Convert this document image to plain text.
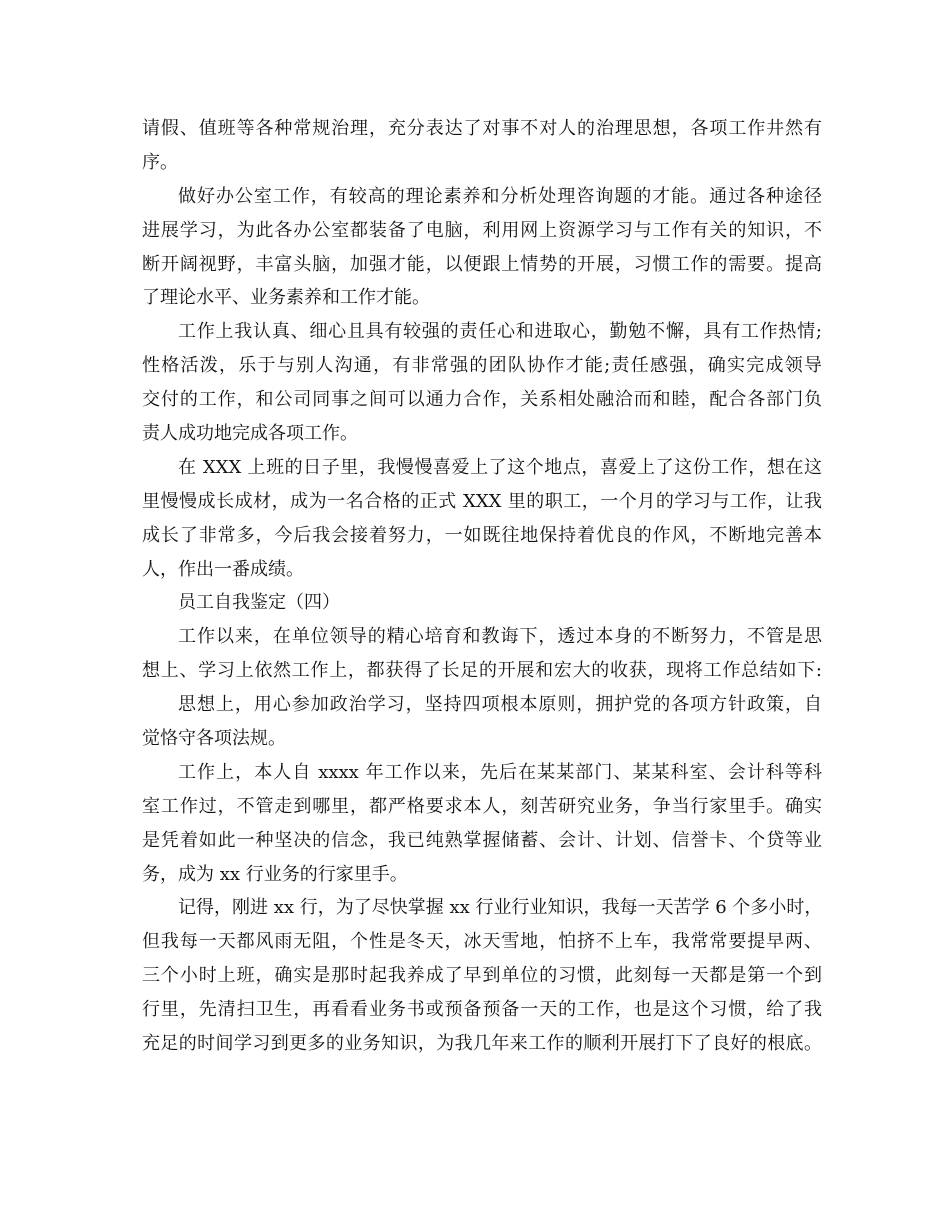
请假、值班等各种常规治理，充分表达了对事不对人的治理思想，各项工作井然有
序。
做好办公室工作，有较高的理论素养和分析处理咨询题的才能。通过各种途径
进展学习，为此各办公室都装备了电脑，利用网上资源学习与工作有关的知识，不
断开阔视野，丰富头脑，加强才能，以便跟上情势的开展，习惯工作的需要。提高
了理论水平、业务素养和工作才能。
工作上我认真、细心且具有较强的责任心和进取心，勤勉不懈，具有工作热情;
性格活泼，乐于与别人沟通，有非常强的团队协作才能;责任感强，确实完成领导
交付的工作，和公司同事之间可以通力合作，关系相处融洽而和睦，配合各部门负
责人成功地完成各项工作。
在 XXX 上班的日子里，我慢慢喜爱上了这个地点，喜爱上了这份工作，想在这
里慢慢成长成材，成为一名合格的正式 XXX 里的职工，一个月的学习与工作，让我
成长了非常多，今后我会接着努力，一如既往地保持着优良的作风，不断地完善本
人，作出一番成绩。
员工自我鉴定（四）
工作以来，在单位领导的精心培育和教诲下，透过本身的不断努力，不管是思
想上、学习上依然工作上，都获得了长足的开展和宏大的收获，现将工作总结如下:
思想上，用心参加政治学习，坚持四项根本原则，拥护党的各项方针政策，自
觉恪守各项法规。
工作上，本人自 xxxx 年工作以来，先后在某某部门、某某科室、会计科等科
室工作过，不管走到哪里，都严格要求本人，刻苦研究业务，争当行家里手。确实
是凭着如此一种坚决的信念，我已纯熟掌握储蓄、会计、计划、信誉卡、个贷等业
务，成为 xx 行业务的行家里手。
记得，刚进 xx 行，为了尽快掌握 xx 行业行业知识，我每一天苦学 6 个多小时，
但我每一天都风雨无阻，个性是冬天，冰天雪地，怕挤不上车，我常常要提早两、
三个小时上班，确实是那时起我养成了早到单位的习惯，此刻每一天都是第一个到
行里，先清扫卫生，再看看业务书或预备预备一天的工作，也是这个习惯，给了我
充足的时间学习到更多的业务知识，为我几年来工作的顺利开展打下了良好的根底。
